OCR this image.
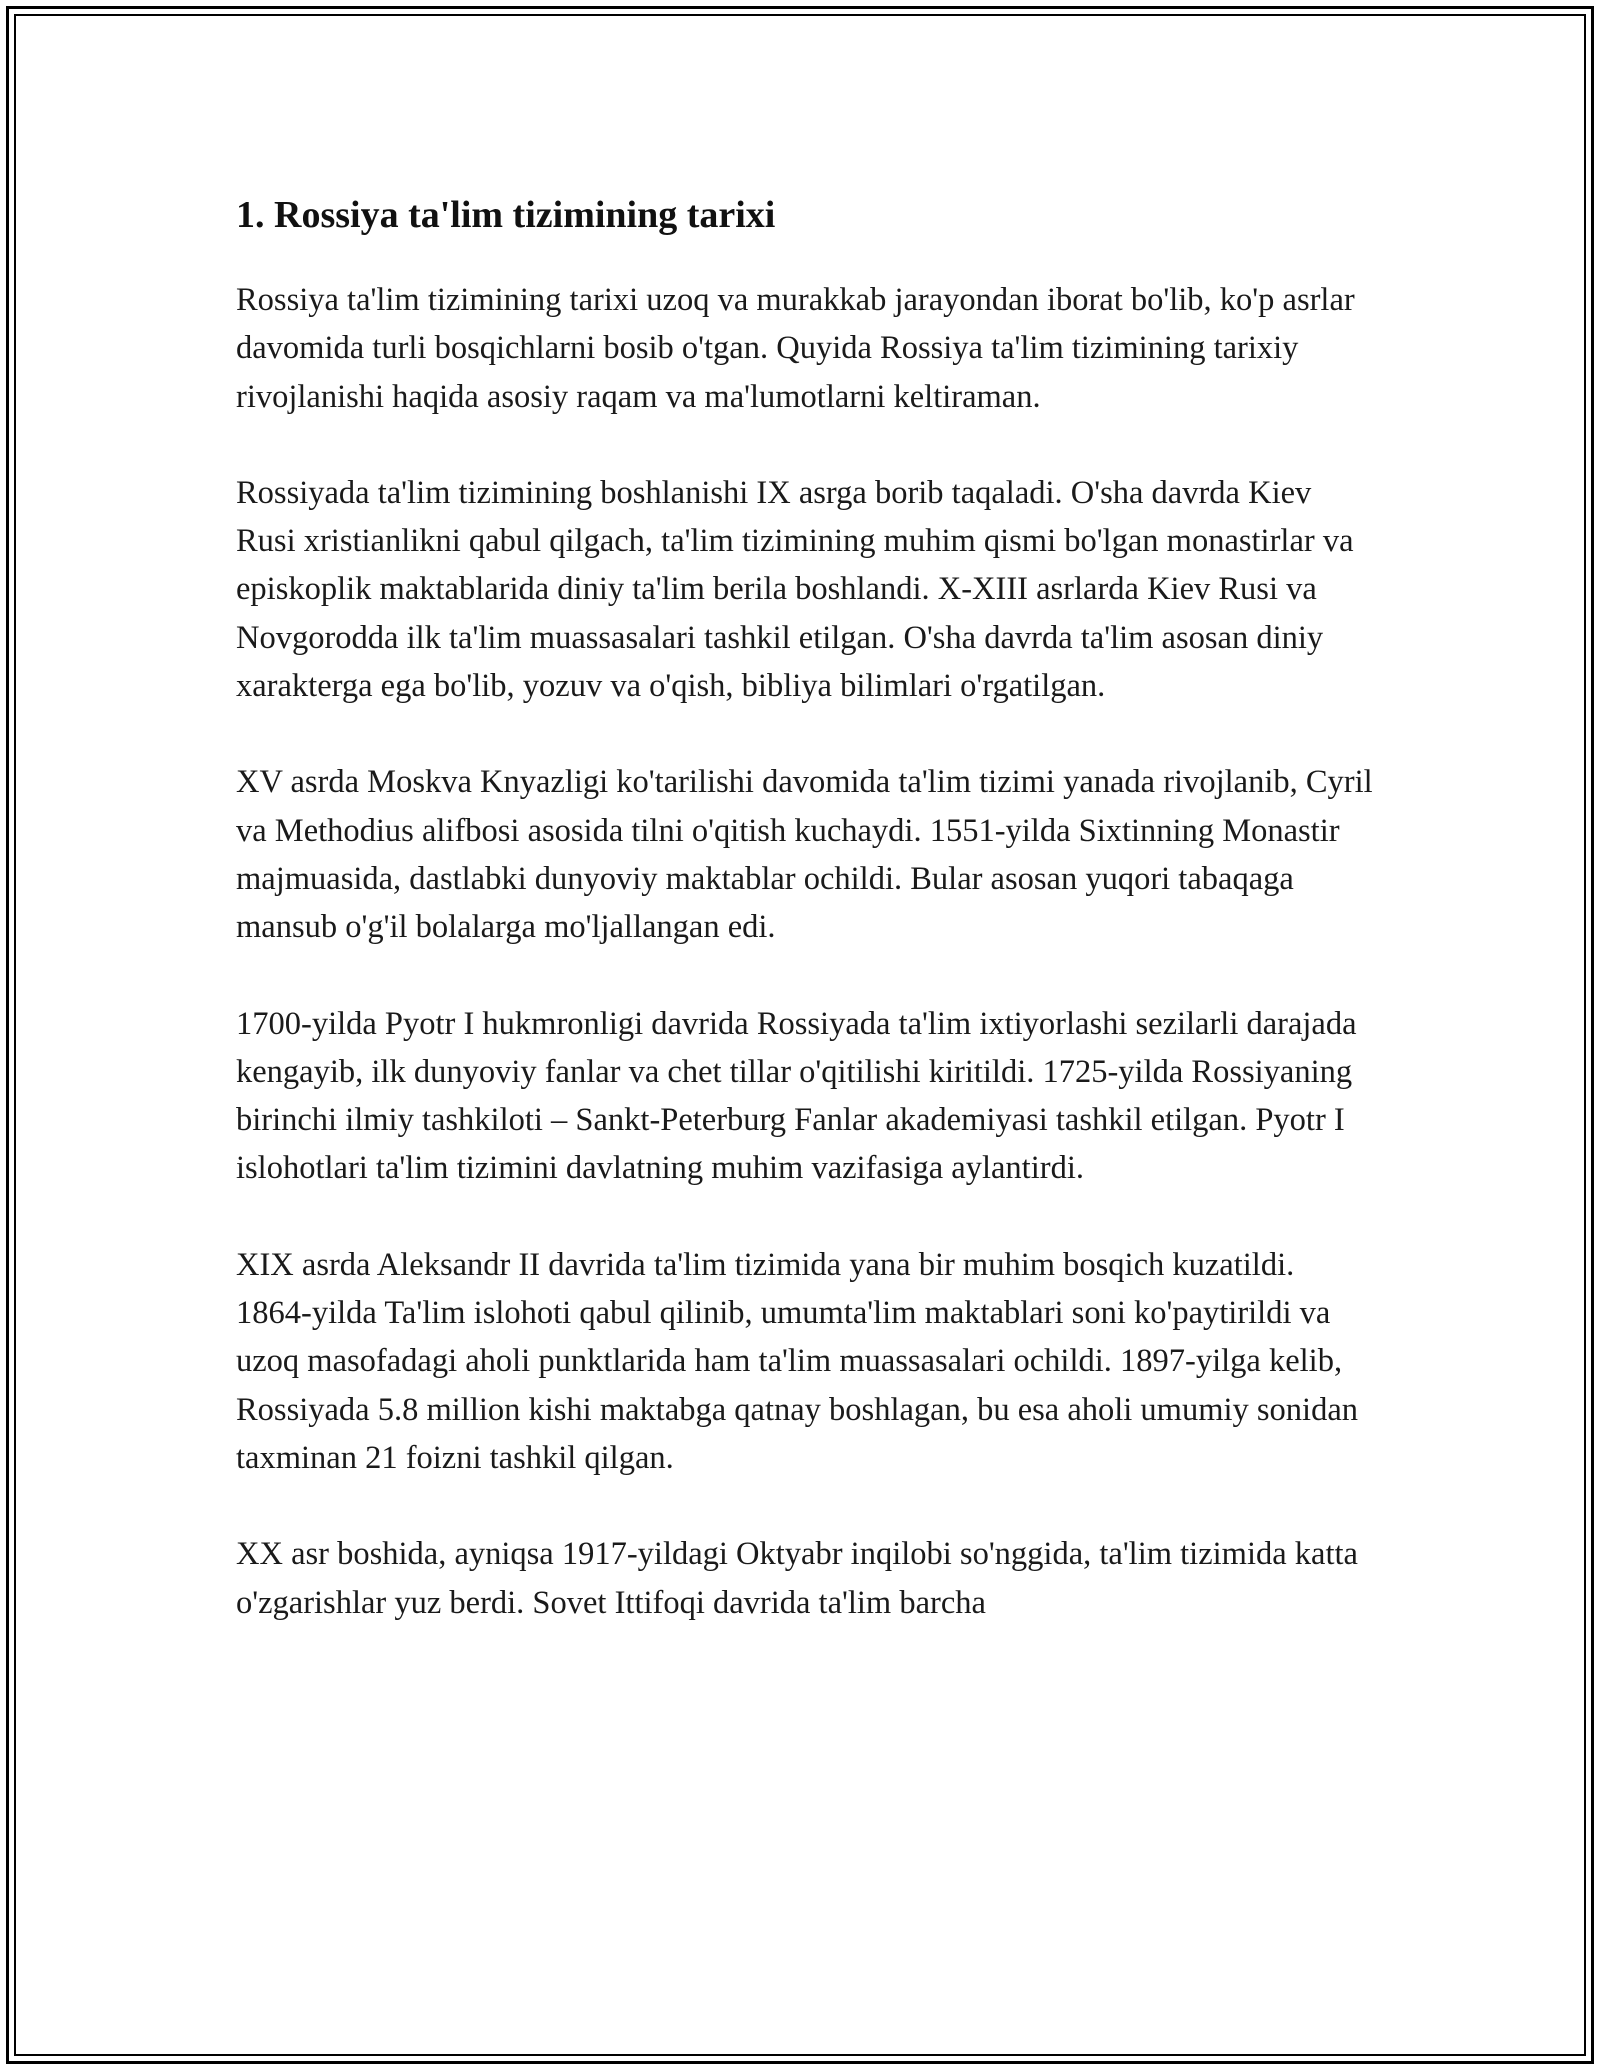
1. Rossiya ta'lim tizimining tarixi

Rossiya ta'lim tizimining tarixi uzoq va murakkab jarayondan iborat bo'lib, ko'p asrlar davomida turli bosqichlarni bosib o'tgan. Quyida Rossiya ta'lim tizimining tarixiy rivojlanishi haqida asosiy raqam va ma'lumotlarni keltiraman.

Rossiyada ta'lim tizimining boshlanishi IX asrga borib taqaladi. O'sha davrda Kiev Rusi xristianlikni qabul qilgach, ta'lim tizimining muhim qismi bo'lgan monastirlar va episkoplik maktablarida diniy ta'lim berila boshlandi. X-XIII asrlarda Kiev Rusi va Novgorodda ilk ta'lim muassasalari tashkil etilgan. O'sha davrda ta'lim asosan diniy xarakterga ega bo'lib, yozuv va o'qish, bibliya bilimlari o'rgatilgan.

XV asrda Moskva Knyazligi ko'tarilishi davomida ta'lim tizimi yanada rivojlanib, Cyril va Methodius alifbosi asosida tilni o'qitish kuchaydi. 1551-yilda Sixtinning Monastir majmuasida, dastlabki dunyoviy maktablar ochildi. Bular asosan yuqori tabaqaga mansub o'g'il bolalarga mo'ljallangan edi.

1700-yilda Pyotr I hukmronligi davrida Rossiyada ta'lim ixtiyorlashi sezilarli darajada kengayib, ilk dunyoviy fanlar va chet tillar o'qitilishi kiritildi. 1725-yilda Rossiyaning birinchi ilmiy tashkiloti – Sankt-Peterburg Fanlar akademiyasi tashkil etilgan. Pyotr I islohotlari ta'lim tizimini davlatning muhim vazifasiga aylantirdi.

XIX asrda Aleksandr II davrida ta'lim tizimida yana bir muhim bosqich kuzatildi. 1864-yilda Ta'lim islohoti qabul qilinib, umumta'lim maktablari soni ko'paytirildi va uzoq masofadagi aholi punktlarida ham ta'lim muassasalari ochildi. 1897-yilga kelib, Rossiyada 5.8 million kishi maktabga qatnay boshlagan, bu esa aholi umumiy sonidan taxminan 21 foizni tashkil qilgan.

XX asr boshida, ayniqsa 1917-yildagi Oktyabr inqilobi so'nggida, ta'lim tizimida katta o'zgarishlar yuz berdi. Sovet Ittifoqi davrida ta'lim barcha
